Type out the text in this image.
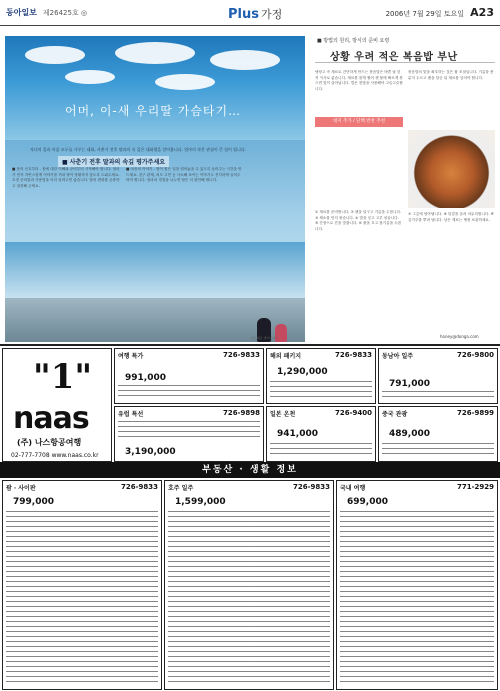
동아일보 제26425호 ◎	Plus 가정	2006년 7월 29일 토요일 A23
어머, 이-새 우리딸 가슴타기…
자녀의 몸과 마음 모두를 가꾸는 대화, 사춘기 전후 딸과의 속 깊은 대화법을 알아봅니다. 엄마의 작은 관심이 큰 힘이 됩니다.
■ 사춘기 전후 딸과의 속깊 평가주세요

■ 몸의 신호부터 - 몸에 대한 이해와 준비부터 시작해야 합니다. 엄마가 먼저 자연스럽게 이야기를 꺼내 딸이 당황하지 않도록 도와주세요. 초경 준비물과 사용법을 미리 알려주면 좋습니다. 딸의 변화를 존중하고 칭찬해 주세요.

■ 마음의 이야기 - 딸이 힘든 일을 털어놓을 수 있도록 들어주는 시간을 만드세요. 친구 관계, 외모 고민 등 사소해 보이는 이야기도 진지하게 들어주어야 합니다. 엄마의 경험을 나누면 딸은 더 편안해 합니다.

사진 제공 게티이미지
■ 방법의 원리, 방식의 준비 요령
상황 우려 적은 복음밥 부난
냉장고 속 재료로 간단하게 만드는 볶음밥은 바쁜 날 한 끼 식사로 좋습니다. 재료를 잘게 썰어 센 불에 빠르게 볶으면 맛이 살아납니다. 밥은 찬밥을 사용해야 고슬고슬합니다.
볶음밥의 맛을 좌우하는 것은 불 조절입니다. 기름을 충분히 두르고 팬을 달군 뒤 재료를 넣어야 합니다.
대지 추가 / 단백 반찬 추천
① 재료를 준비합니다. ② 팬을 달구고 기름을 두릅니다. ③ 채소를 먼저 볶습니다. ④ 밥을 넣고 고루 섞습니다. ⑤ 간장으로 간을 맞춥니다. ⑥ 불을 끄고 참기름을 두릅니다.
⑦ 그릇에 담아냅니다. ⑧ 달걀을 올려 마무리합니다. ⑨ 김가루를 뿌려 냅니다. 남은 재료는 냉장 보관하세요.
honey@donga.com
"1"
naas
(주) 나스항공여행
02-777-7708 www.naas.co.kr
여행 특가	726-9833
991,000
해외 패키지	726-9833
1,290,000
동남아 일주	726-9800
791,000
유럽 특선	726-9898
3,190,000
일본 온천	726-9400
941,000
중국 관광	726-9899
489,000
부동산 · 생활 정보
괌 · 사이판	726-9833
799,000
호주 일주	726-9833
1,599,000
국내 여행	771-2929
699,000
